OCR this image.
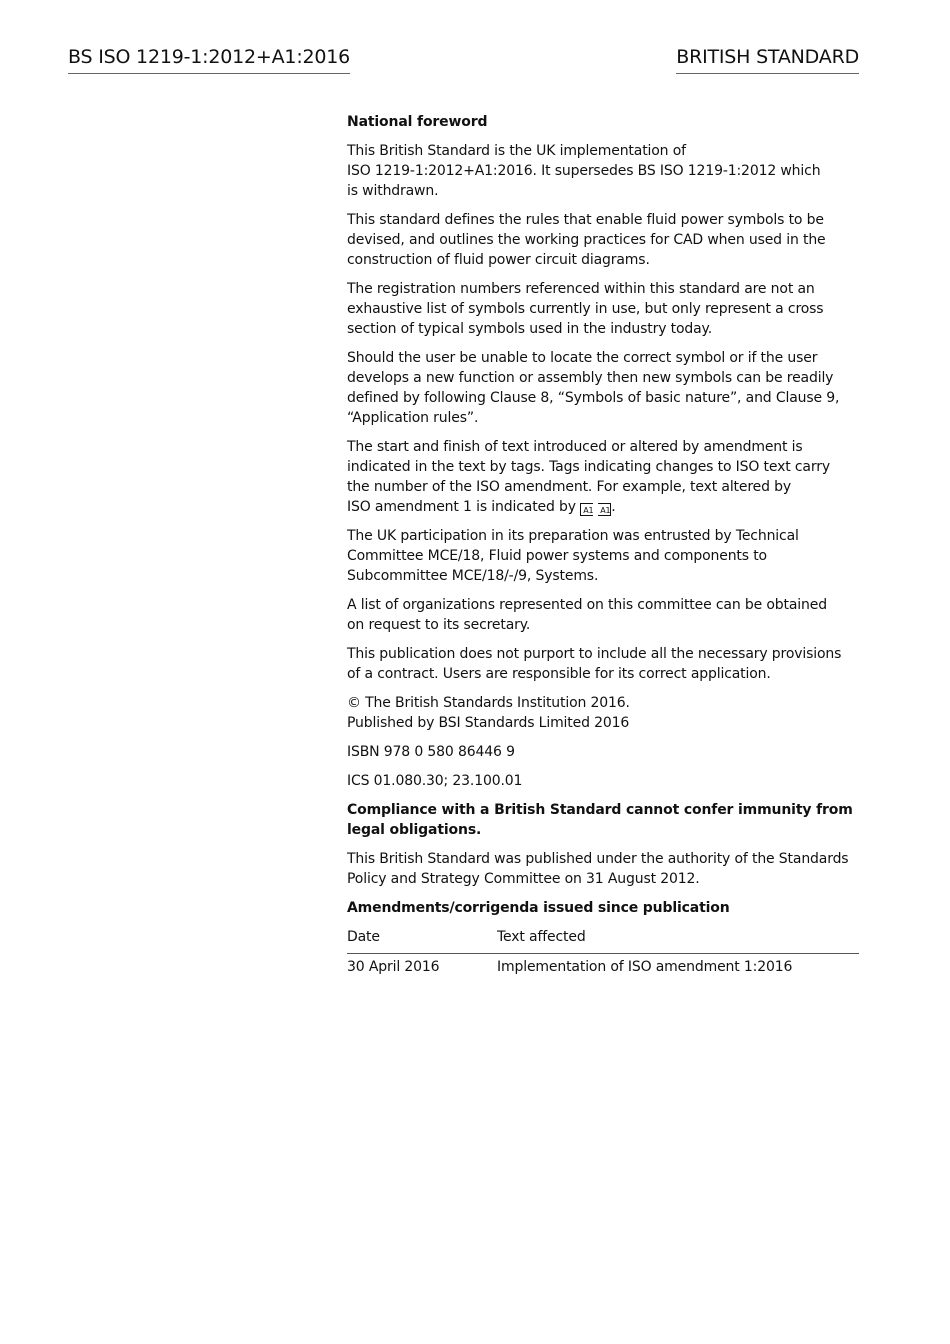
BS ISO 1219-1:2012+A1:2016	BRITISH STANDARD

National foreword

This British Standard is the UK implementation of
ISO 1219-1:2012+A1:2016. It supersedes BS ISO 1219-1:2012 which
is withdrawn.

This standard defines the rules that enable fluid power symbols to be
devised, and outlines the working practices for CAD when used in the
construction of fluid power circuit diagrams.

The registration numbers referenced within this standard are not an
exhaustive list of symbols currently in use, but only represent a cross
section of typical symbols used in the industry today.

Should the user be unable to locate the correct symbol or if the user
develops a new function or assembly then new symbols can be readily
defined by following Clause 8, “Symbols of basic nature”, and Clause 9,
“Application rules”.

The start and finish of text introduced or altered by amendment is
indicated in the text by tags. Tags indicating changes to ISO text carry
the number of the ISO amendment. For example, text altered by
ISO amendment 1 is indicated by A1 A1.

The UK participation in its preparation was entrusted by Technical
Committee MCE/18, Fluid power systems and components to
Subcommittee MCE/18/-/9, Systems.

A list of organizations represented on this committee can be obtained
on request to its secretary.

This publication does not purport to include all the necessary provisions
of a contract. Users are responsible for its correct application.

© The British Standards Institution 2016.
Published by BSI Standards Limited 2016

ISBN 978 0 580 86446 9

ICS 01.080.30; 23.100.01

Compliance with a British Standard cannot confer immunity from
legal obligations.

This British Standard was published under the authority of the Standards
Policy and Strategy Committee on 31 August 2012.

Amendments/corrigenda issued since publication

Date	Text affected
30 April 2016	Implementation of ISO amendment 1:2016
